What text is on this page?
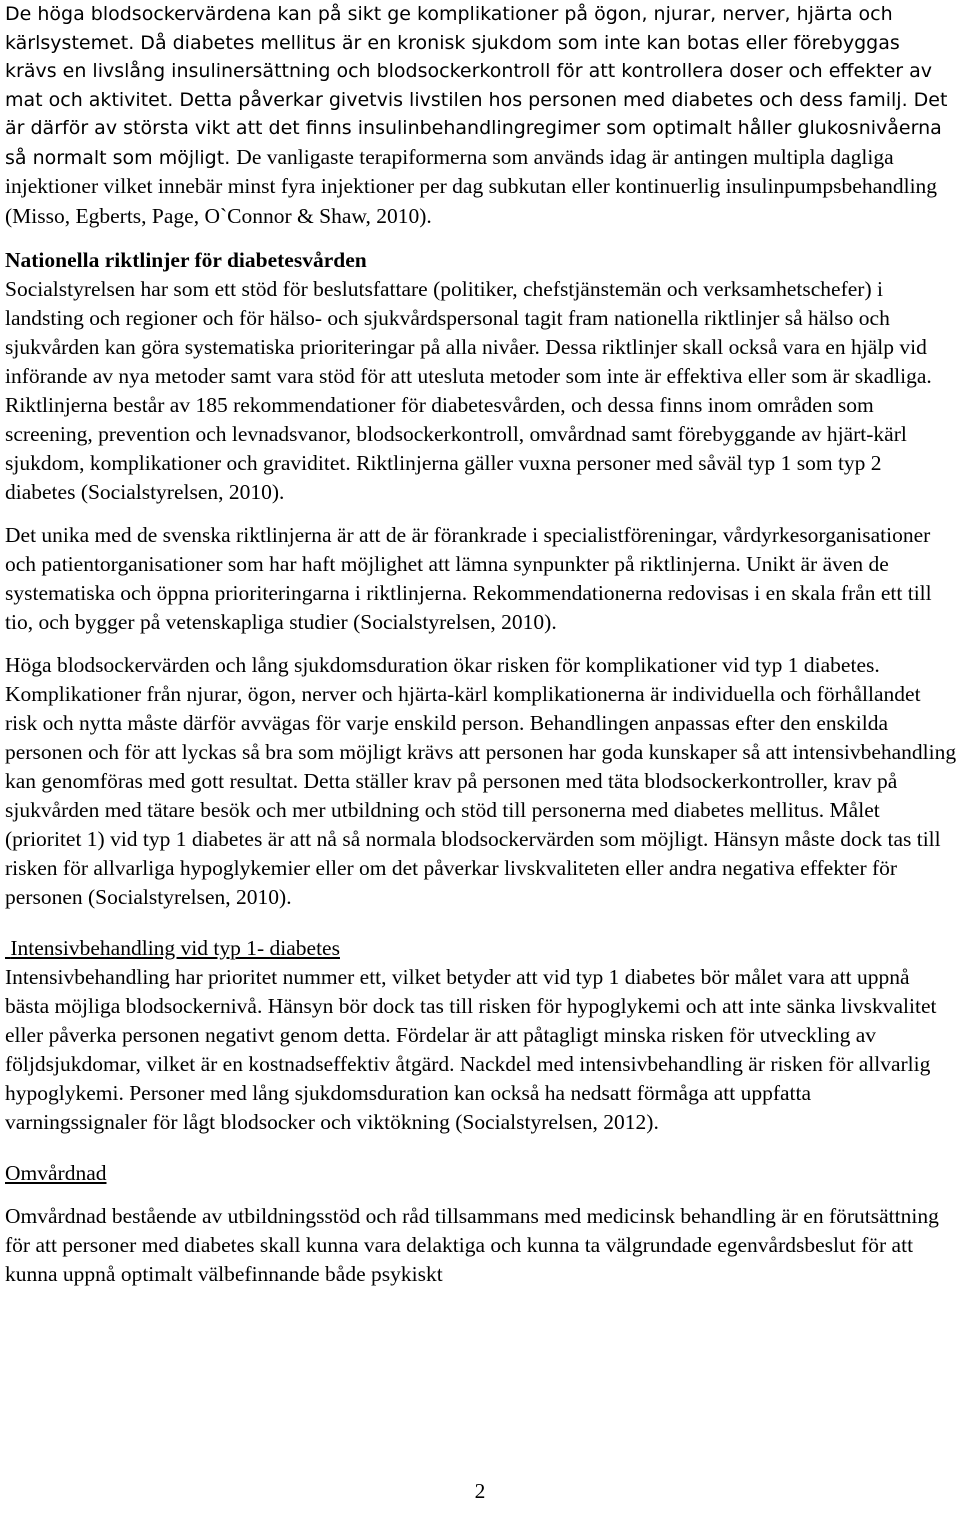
De höga blodsockervärdena kan på sikt ge komplikationer på ögon, njurar, nerver, hjärta och kärlsystemet. Då diabetes mellitus är en kronisk sjukdom som inte kan botas eller förebyggas krävs en livslång insulinersättning och blodsockerkontroll för att kontrollera doser och effekter av mat och aktivitet. Detta påverkar givetvis livstilen hos personen med diabetes och dess familj. Det är därför av största vikt att det finns insulinbehandlingregimer som optimalt håller glukosnivåerna så normalt som möjligt. De vanligaste terapiformerna som används idag är antingen multipla dagliga injektioner vilket innebär minst fyra injektioner per dag subkutan eller kontinuerlig insulinpumpsbehandling (Misso, Egberts, Page, O`Connor & Shaw, 2010).

Nationella riktlinjer för diabetesvården

Socialstyrelsen har som ett stöd för beslutsfattare (politiker, chefstjänstemän och verksamhetschefer) i landsting och regioner och för hälso- och sjukvårdspersonal tagit fram nationella riktlinjer så hälso och sjukvården kan göra systematiska prioriteringar på alla nivåer. Dessa riktlinjer skall också vara en hjälp vid införande av nya metoder samt vara stöd för att utesluta metoder som inte är effektiva eller som är skadliga. Riktlinjerna består av 185 rekommendationer för diabetesvården, och dessa finns inom områden som screening, prevention och levnadsvanor, blodsockerkontroll, omvårdnad samt förebyggande av hjärt-kärl sjukdom, komplikationer och graviditet. Riktlinjerna gäller vuxna personer med såväl typ 1 som typ 2 diabetes (Socialstyrelsen, 2010).

Det unika med de svenska riktlinjerna är att de är förankrade i specialistföreningar, vårdyrkesorganisationer och patientorganisationer som har haft möjlighet att lämna synpunkter på riktlinjerna. Unikt är även de systematiska och öppna prioriteringarna i riktlinjerna. Rekommendationerna redovisas i en skala från ett till tio, och bygger på vetenskapliga studier (Socialstyrelsen, 2010).

Höga blodsockervärden och lång sjukdomsduration ökar risken för komplikationer vid typ 1 diabetes. Komplikationer från njurar, ögon, nerver och hjärta-kärl komplikationerna är individuella och förhållandet risk och nytta måste därför avvägas för varje enskild person. Behandlingen anpassas efter den enskilda personen och för att lyckas så bra som möjligt krävs att personen har goda kunskaper så att intensivbehandling kan genomföras med gott resultat. Detta ställer krav på personen med täta blodsockerkontroller, krav på sjukvården med tätare besök och mer utbildning och stöd till personerna med diabetes mellitus. Målet (prioritet 1) vid typ 1 diabetes är att nå så normala blodsockervärden som möjligt. Hänsyn måste dock tas till risken för allvarliga hypoglykemier eller om det påverkar livskvaliteten eller andra negativa effekter för personen (Socialstyrelsen, 2010).

Intensivbehandling vid typ 1- diabetes

Intensivbehandling har prioritet nummer ett, vilket betyder att vid typ 1 diabetes bör målet vara att uppnå bästa möjliga blodsockernivå. Hänsyn bör dock tas till risken för hypoglykemi och att inte sänka livskvalitet eller påverka personen negativt genom detta. Fördelar är att påtagligt minska risken för utveckling av följdsjukdomar, vilket är en kostnadseffektiv åtgärd. Nackdel med intensivbehandling är risken för allvarlig hypoglykemi. Personer med lång sjukdomsduration kan också ha nedsatt förmåga att uppfatta varningssignaler för lågt blodsocker och viktökning (Socialstyrelsen, 2012).

Omvårdnad

Omvårdnad bestående av utbildningsstöd och råd tillsammans med medicinsk behandling är en förutsättning för att personer med diabetes skall kunna vara delaktiga och kunna ta välgrundade egenvårdsbeslut för att kunna uppnå optimalt välbefinnande både psykiskt

2
